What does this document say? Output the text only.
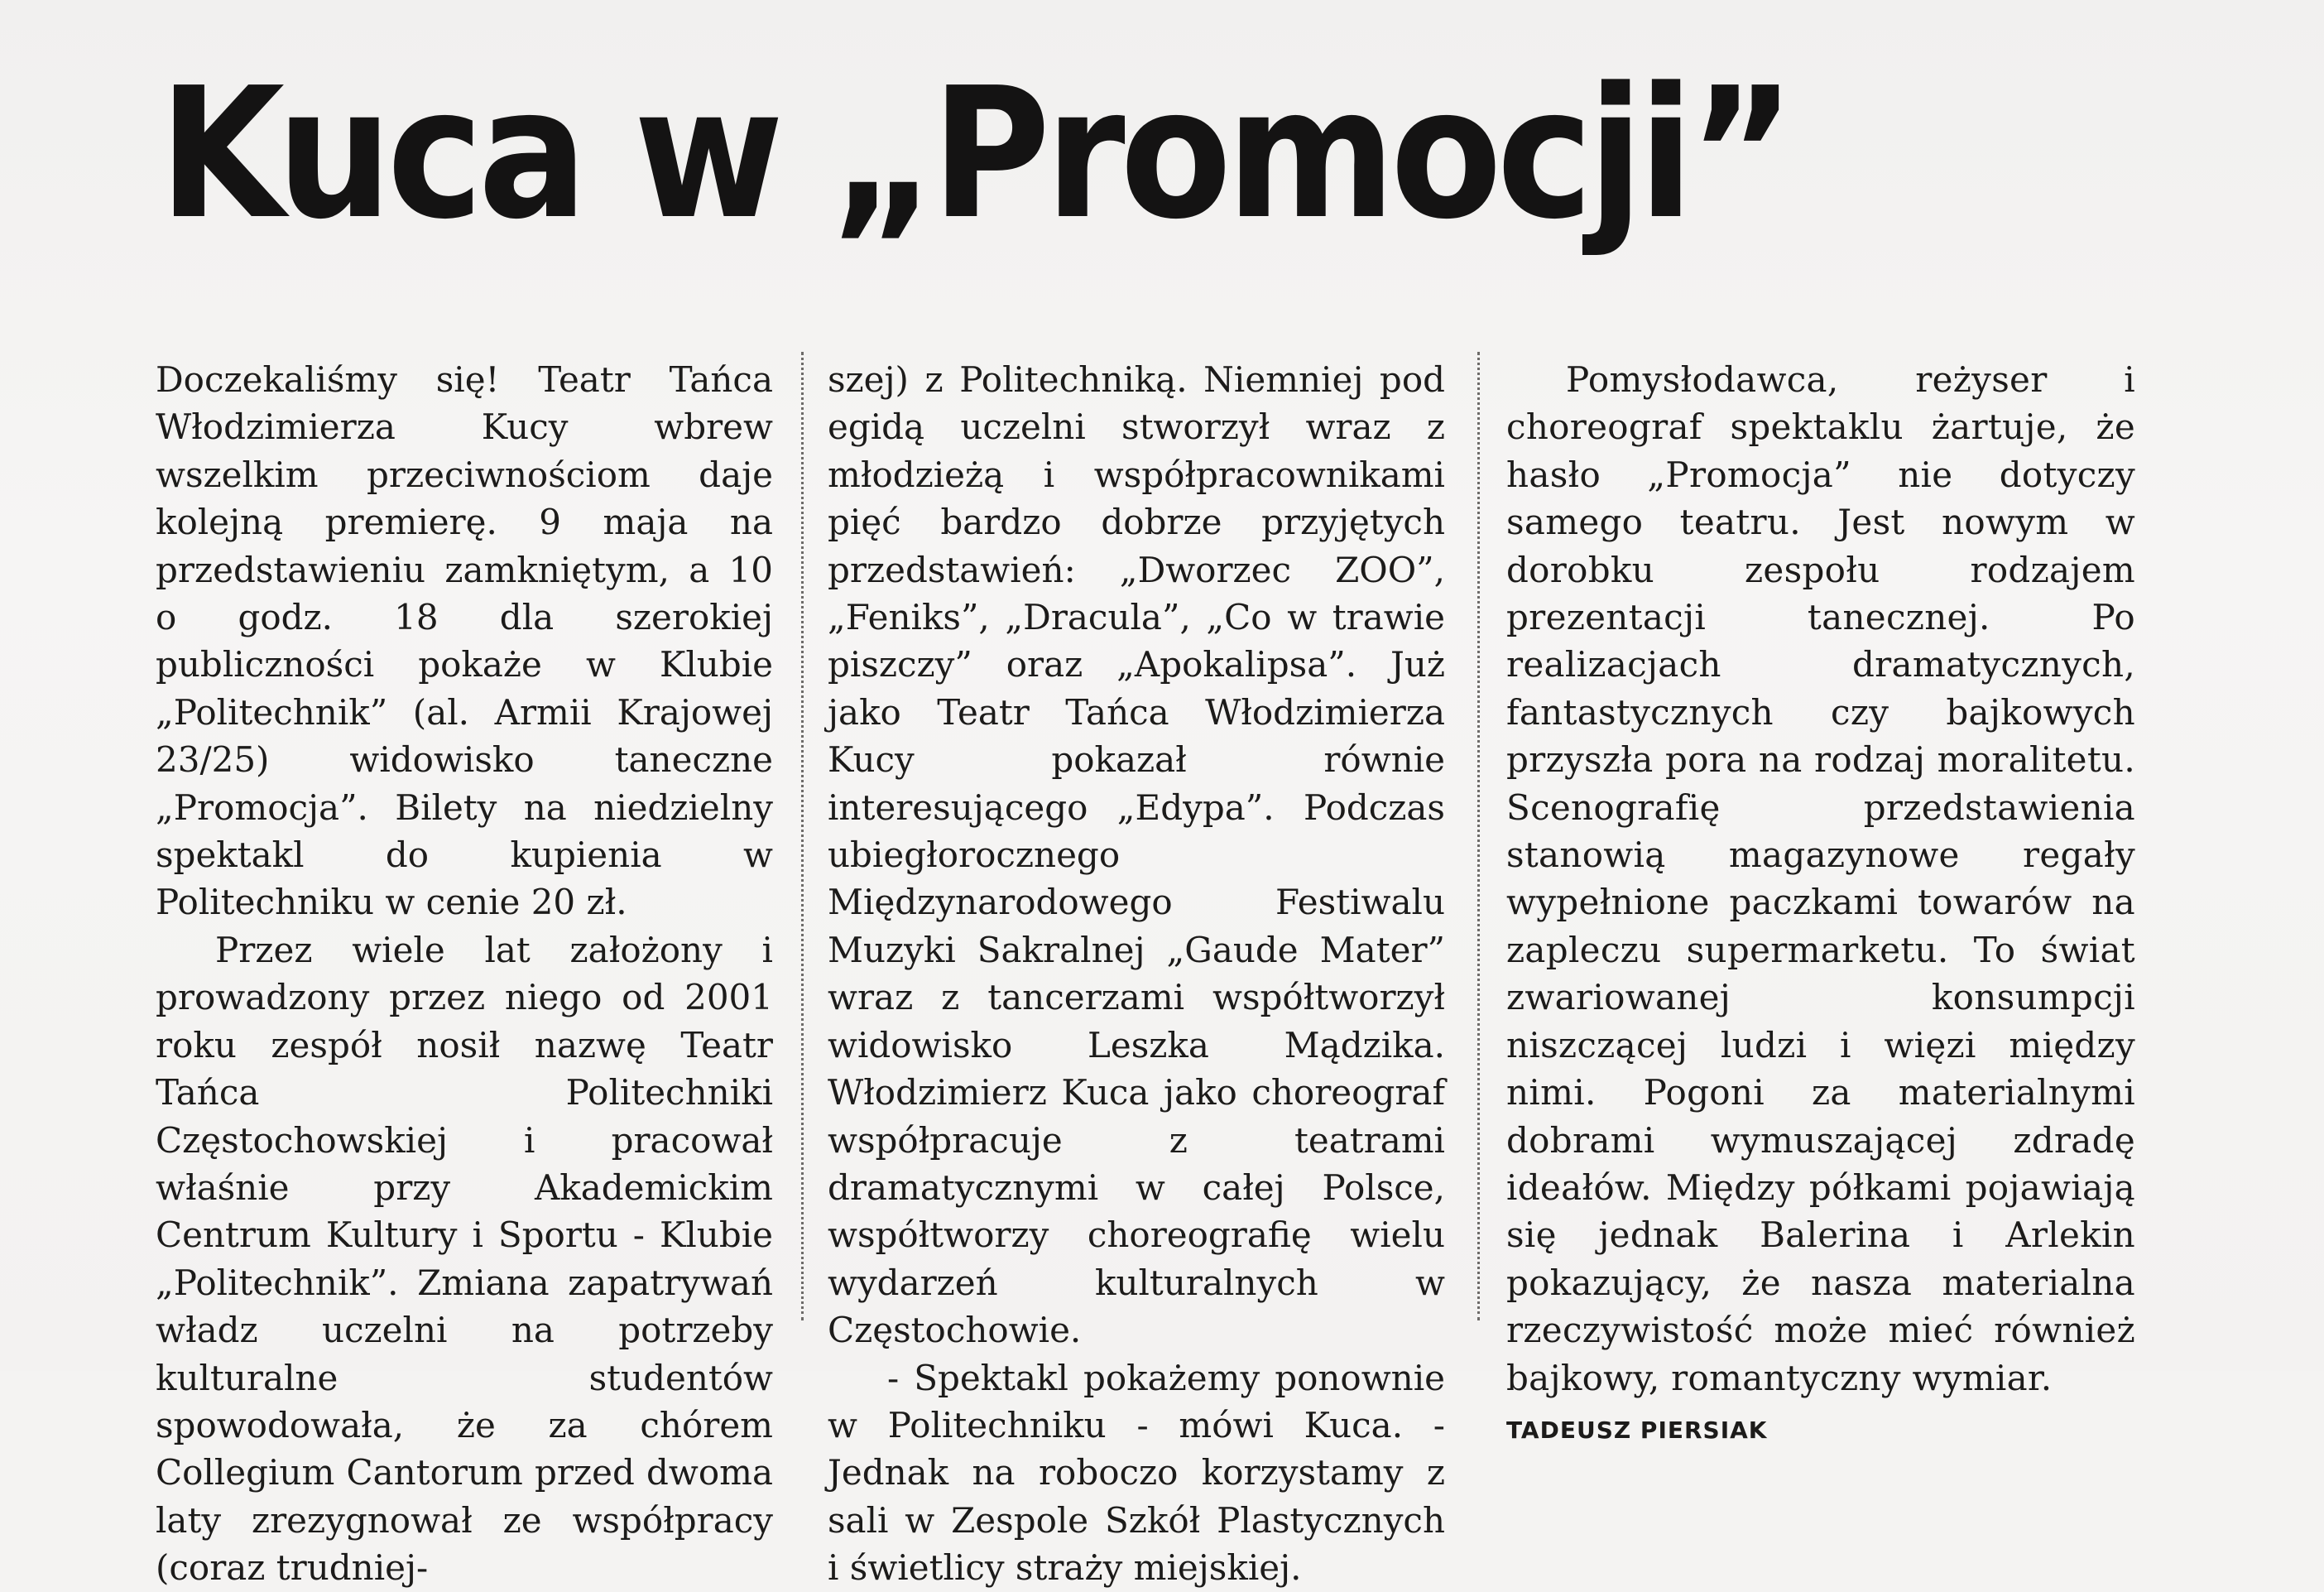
Kuca w „Promocji”

Doczekaliśmy się! Teatr Tańca Włodzimierza Kucy wbrew wszelkim przeciwnościom daje kolejną premierę. 9 maja na przedstawieniu zamkniętym, a 10 o godz. 18 dla szerokiej publiczności pokaże w Klubie „Politechnik” (al. Armii Krajowej 23/25) widowisko taneczne „Promocja”. Bilety na niedzielny spektakl do kupienia w Politechniku w cenie 20 zł.

Przez wiele lat założony i prowadzony przez niego od 2001 roku zespół nosił nazwę Teatr Tańca Politechniki Częstochowskiej i pracował właśnie przy Akademickim Centrum Kultury i Sportu - Klubie „Politechnik”. Zmiana zapatrywań władz uczelni na potrzeby kulturalne studentów spowodowała, że za chórem Collegium Cantorum przed dwoma laty zrezygnował ze współpracy (coraz trudniej-

szej) z Politechniką. Niemniej pod egidą uczelni stworzył wraz z młodzieżą i współpracownikami pięć bardzo dobrze przyjętych przedstawień: „Dworzec ZOO”, „Feniks”, „Dracula”, „Co w trawie piszczy” oraz „Apokalipsa”. Już jako Teatr Tańca Włodzimierza Kucy pokazał równie interesującego „Edypa”. Podczas ubiegłorocznego Międzynarodowego Festiwalu Muzyki Sakralnej „Gaude Mater” wraz z tancerzami współtworzył widowisko Leszka Mądzika. Włodzimierz Kuca jako choreograf współpracuje z teatrami dramatycznymi w całej Polsce, współtworzy choreografię wielu wydarzeń kulturalnych w Częstochowie.

- Spektakl pokażemy ponownie w Politechniku - mówi Kuca. - Jednak na roboczo korzystamy z sali w Zespole Szkół Plastycznych i świetlicy straży miejskiej.

Pomysłodawca, reżyser i choreograf spektaklu żartuje, że hasło „Promocja” nie dotyczy samego teatru. Jest nowym w dorobku zespołu rodzajem prezentacji tanecznej. Po realizacjach dramatycznych, fantastycznych czy bajkowych przyszła pora na rodzaj moralitetu. Scenografię przedstawienia stanowią magazynowe regały wypełnione paczkami towarów na zapleczu supermarketu. To świat zwariowanej konsumpcji niszczącej ludzi i więzi między nimi. Pogoni za materialnymi dobrami wymuszającej zdradę ideałów. Między półkami pojawiają się jednak Balerina i Arlekin pokazujący, że nasza materialna rzeczywistość może mieć również bajkowy, romantyczny wymiar.

TADEUSZ PIERSIAK
